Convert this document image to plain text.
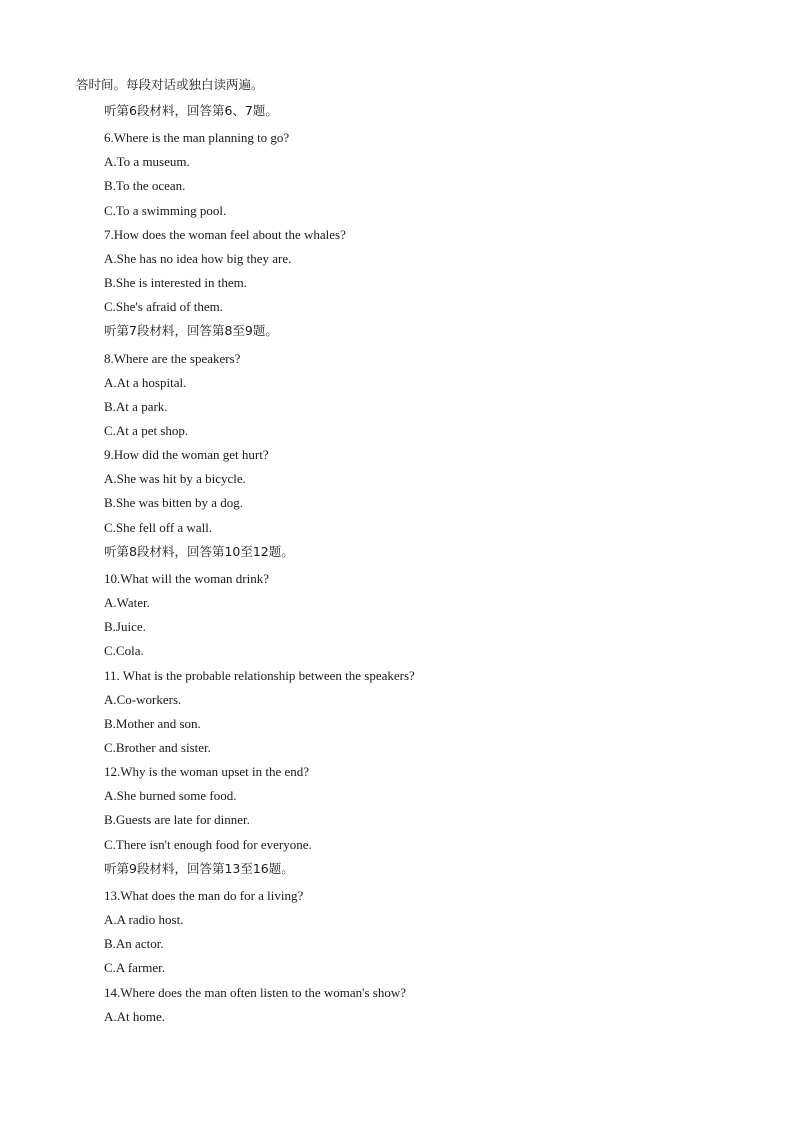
答时间。每段对话或独白读两遍。
听第6段材料，回答第6、7题。
6.Where is the man planning to go?
A.To a museum.
B.To the ocean.
C.To a swimming pool.
7.How does the woman feel about the whales?
A.She has no idea how big they are.
B.She is interested in them.
C.She's afraid of them.
听第7段材料，回答第8至9题。
8.Where are the speakers?
A.At a hospital.
B.At a park.
C.At a pet shop.
9.How did the woman get hurt?
A.She was hit by a bicycle.
B.She was bitten by a dog.
C.She fell off a wall.
听第8段材料，回答第10至12题。
10.What will the woman drink?
A.Water.
B.Juice.
C.Cola.
11. What is the probable relationship between the speakers?
A.Co-workers.
B.Mother and son.
C.Brother and sister.
12.Why is the woman upset in the end?
A.She burned some food.
B.Guests are late for dinner.
C.There isn't enough food for everyone.
听第9段材料，回答第13至16题。
13.What does the man do for a living?
A.A radio host.
B.An actor.
C.A farmer.
14.Where does the man often listen to the woman's show?
A.At home.
